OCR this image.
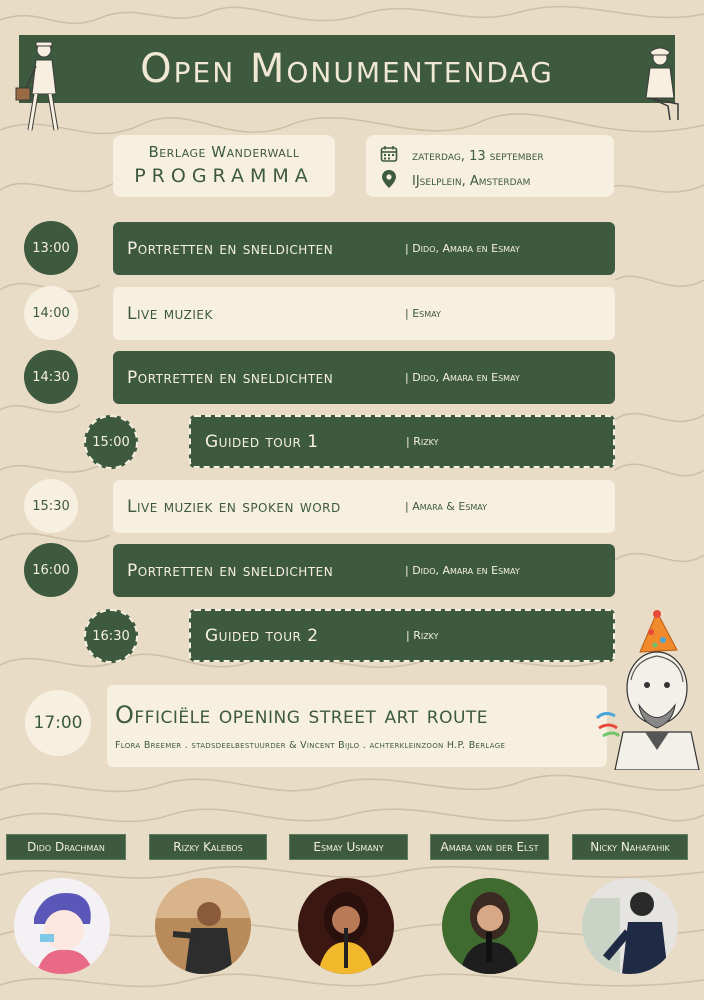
Open Monumentendag
Berlage Wanderwall
PROGRAMMA
zaterdag, 13 september
IJselplein, Amsterdam
13:00	Portretten en sneldichten	| Dido, Amara en Esmay
14:00	Live muziek	| Esmay
14:30	Portretten en sneldichten	| Dido, Amara en Esmay
15:00	Guided tour 1	| Rizky
15:30	Live muziek en spoken word	| Amara & Esmay
16:00	Portretten en sneldichten	| Dido, Amara en Esmay
16:30	Guided tour 2	| Rizky
17:00	Officiële opening street art route
Flora Breemer . stadsdeelbestuurder & Vincent Bijlo . achterkleinzoon H.P. Berlage
Dido Drachman	Rizky Kalebos	Esmay Usmany	Amara van der Elst	Nicky Nahafahik
